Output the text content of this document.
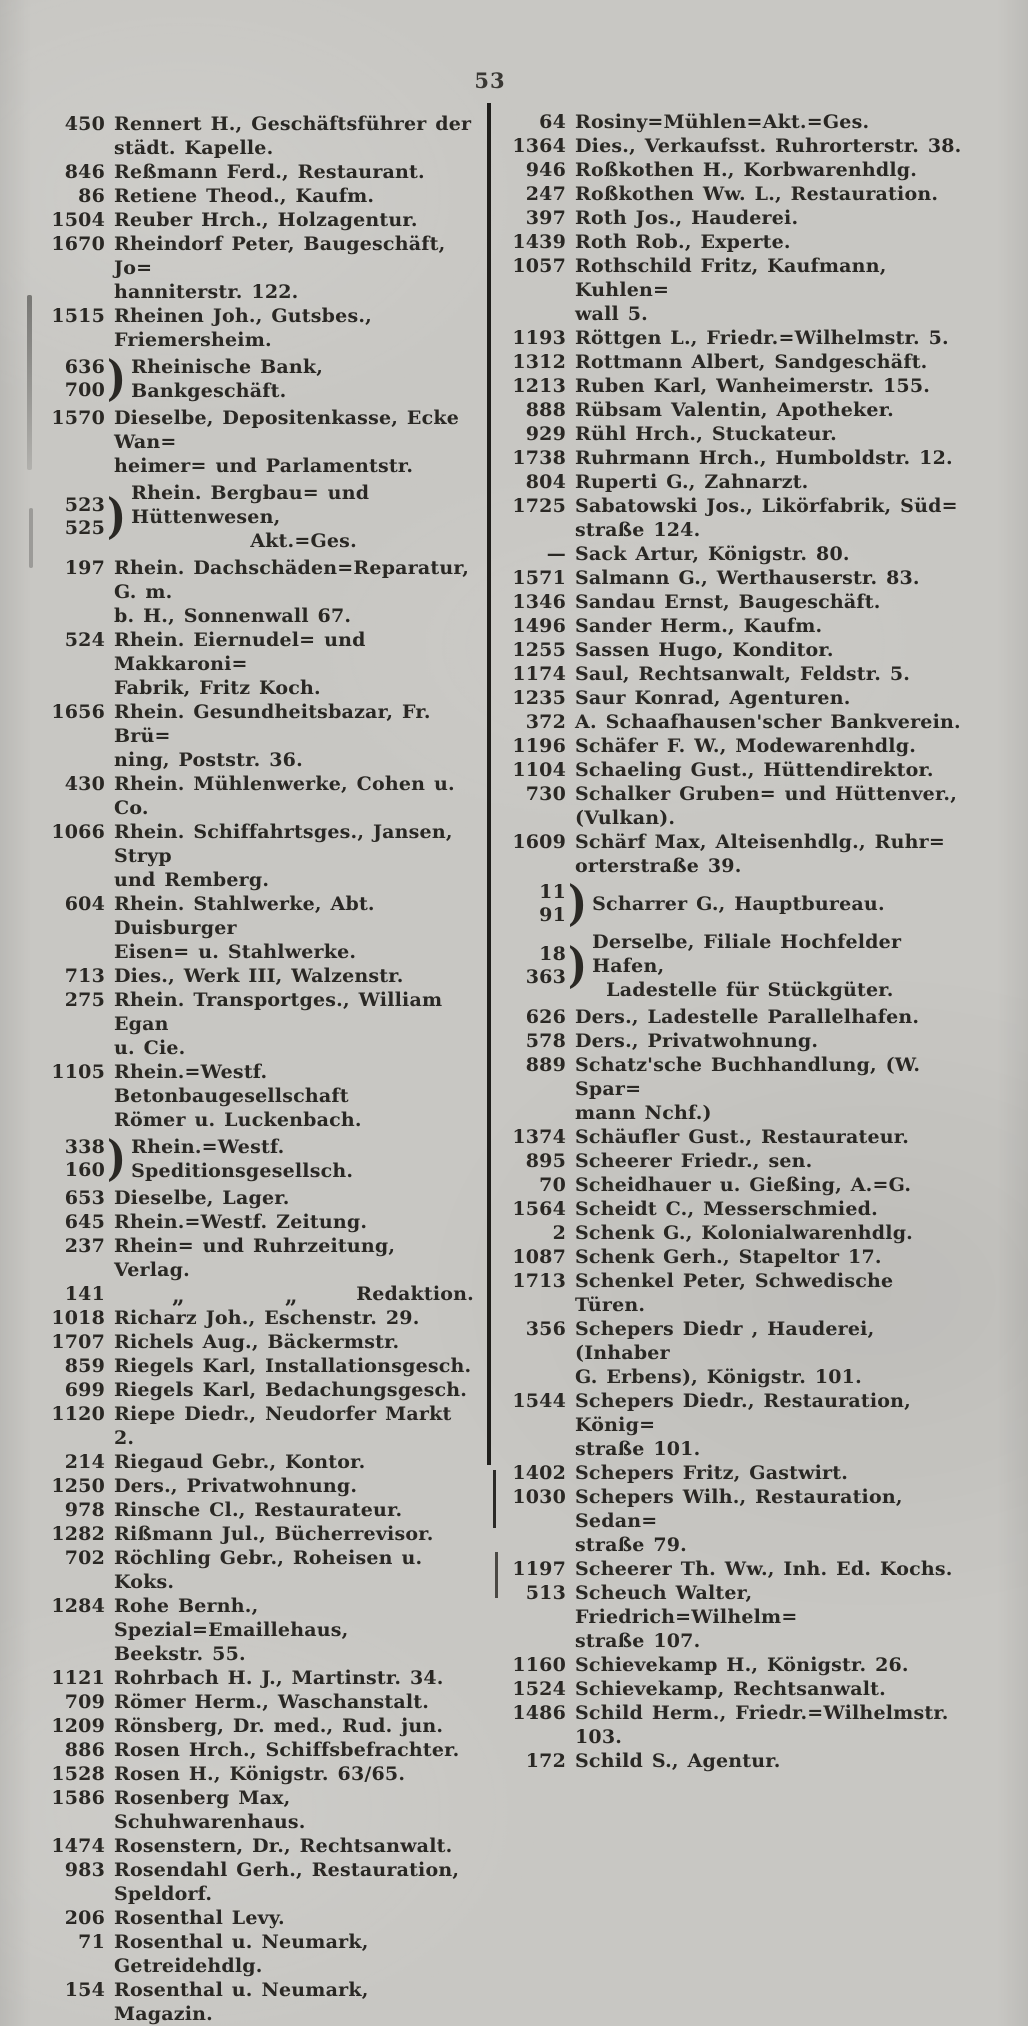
53
450 Rennert H., Geschäftsführer der
städt. Kapelle.
846 Reßmann Ferd., Restaurant.
86 Retiene Theod., Kaufm.
1504 Reuber Hrch., Holzagentur.
1670 Rheindorf Peter, Baugeschäft, Jo=
hanniterstr. 122.
1515 Rheinen Joh., Gutsbes., Friemersheim.
636
700 ) Rheinische Bank, Bankgeschäft.
1570 Dieselbe, Depositenkasse, Ecke Wan=
heimer= und Parlamentstr.
523
525 ) Rhein. Bergbau= und Hüttenwesen,
Akt.=Ges.
197 Rhein. Dachschäden=Reparatur, G. m.
b. H., Sonnenwall 67.
524 Rhein. Eiernudel= und Makkaroni=
Fabrik, Fritz Koch.
1656 Rhein. Gesundheitsbazar, Fr. Brü=
ning, Poststr. 36.
430 Rhein. Mühlenwerke, Cohen u. Co.
1066 Rhein. Schiffahrtsges., Jansen, Stryp
und Remberg.
604 Rhein. Stahlwerke, Abt. Duisburger
Eisen= u. Stahlwerke.
713 Dies., Werk III, Walzenstr.
275 Rhein. Transportges., William Egan
u. Cie.
1105 Rhein.=Westf. Betonbaugesellschaft
Römer u. Luckenbach.
338
160 ) Rhein.=Westf. Speditionsgesellsch.
653 Dieselbe, Lager.
645 Rhein.=Westf. Zeitung.
237 Rhein= und Ruhrzeitung, Verlag.
141	„	„	Redaktion.
1018 Richarz Joh., Eschenstr. 29.
1707 Richels Aug., Bäckermstr.
859 Riegels Karl, Installationsgesch.
699 Riegels Karl, Bedachungsgesch.
1120 Riepe Diedr., Neudorfer Markt 2.
214 Riegaud Gebr., Kontor.
1250 Ders., Privatwohnung.
978 Rinsche Cl., Restaurateur.
1282 Rißmann Jul., Bücherrevisor.
702 Röchling Gebr., Roheisen u. Koks.
1284 Rohe Bernh., Spezial=Emaillehaus,
Beekstr. 55.
1121 Rohrbach H. J., Martinstr. 34.
709 Römer Herm., Waschanstalt.
1209 Rönsberg, Dr. med., Rud. jun.
886 Rosen Hrch., Schiffsbefrachter.
1528 Rosen H., Königstr. 63/65.
1586 Rosenberg Max, Schuhwarenhaus.
1474 Rosenstern, Dr., Rechtsanwalt.
983 Rosendahl Gerh., Restauration,
Speldorf.
206 Rosenthal Levy.
71 Rosenthal u. Neumark, Getreidehdlg.
154 Rosenthal u. Neumark, Magazin.
64 Rosiny=Mühlen=Akt.=Ges.
1364 Dies., Verkaufsst. Ruhrorterstr. 38.
946 Roßkothen H., Korbwarenhdlg.
247 Roßkothen Ww. L., Restauration.
397 Roth Jos., Hauderei.
1439 Roth Rob., Experte.
1057 Rothschild Fritz, Kaufmann, Kuhlen=
wall 5.
1193 Röttgen L., Friedr.=Wilhelmstr. 5.
1312 Rottmann Albert, Sandgeschäft.
1213 Ruben Karl, Wanheimerstr. 155.
888 Rübsam Valentin, Apotheker.
929 Rühl Hrch., Stuckateur.
1738 Ruhrmann Hrch., Humboldstr. 12.
804 Ruperti G., Zahnarzt.
1725 Sabatowski Jos., Likörfabrik, Süd=
straße 124.
— Sack Artur, Königstr. 80.
1571 Salmann G., Werthauserstr. 83.
1346 Sandau Ernst, Baugeschäft.
1496 Sander Herm., Kaufm.
1255 Sassen Hugo, Konditor.
1174 Saul, Rechtsanwalt, Feldstr. 5.
1235 Saur Konrad, Agenturen.
372 A. Schaafhausen'scher Bankverein.
1196 Schäfer F. W., Modewarenhdlg.
1104 Schaeling Gust., Hüttendirektor.
730 Schalker Gruben= und Hüttenver.,
(Vulkan).
1609 Schärf Max, Alteisenhdlg., Ruhr=
orterstraße 39.
11
91 ) Scharrer G., Hauptbureau.
18
363 ) Derselbe, Filiale Hochfelder Hafen,
Ladestelle für Stückgüter.
626 Ders., Ladestelle Parallelhafen.
578 Ders., Privatwohnung.
889 Schatz'sche Buchhandlung, (W. Spar=
mann Nchf.)
1374 Schäufler Gust., Restaurateur.
895 Scheerer Friedr., sen.
70 Scheidhauer u. Gießing, A.=G.
1564 Scheidt C., Messerschmied.
2 Schenk G., Kolonialwarenhdlg.
1087 Schenk Gerh., Stapeltor 17.
1713 Schenkel Peter, Schwedische Türen.
356 Schepers Diedr , Hauderei, (Inhaber
G. Erbens), Königstr. 101.
1544 Schepers Diedr., Restauration, König=
straße 101.
1402 Schepers Fritz, Gastwirt.
1030 Schepers Wilh., Restauration, Sedan=
straße 79.
1197 Scheerer Th. Ww., Inh. Ed. Kochs.
513 Scheuch Walter, Friedrich=Wilhelm=
straße 107.
1160 Schievekamp H., Königstr. 26.
1524 Schievekamp, Rechtsanwalt.
1486 Schild Herm., Friedr.=Wilhelmstr. 103.
172 Schild S., Agentur.
